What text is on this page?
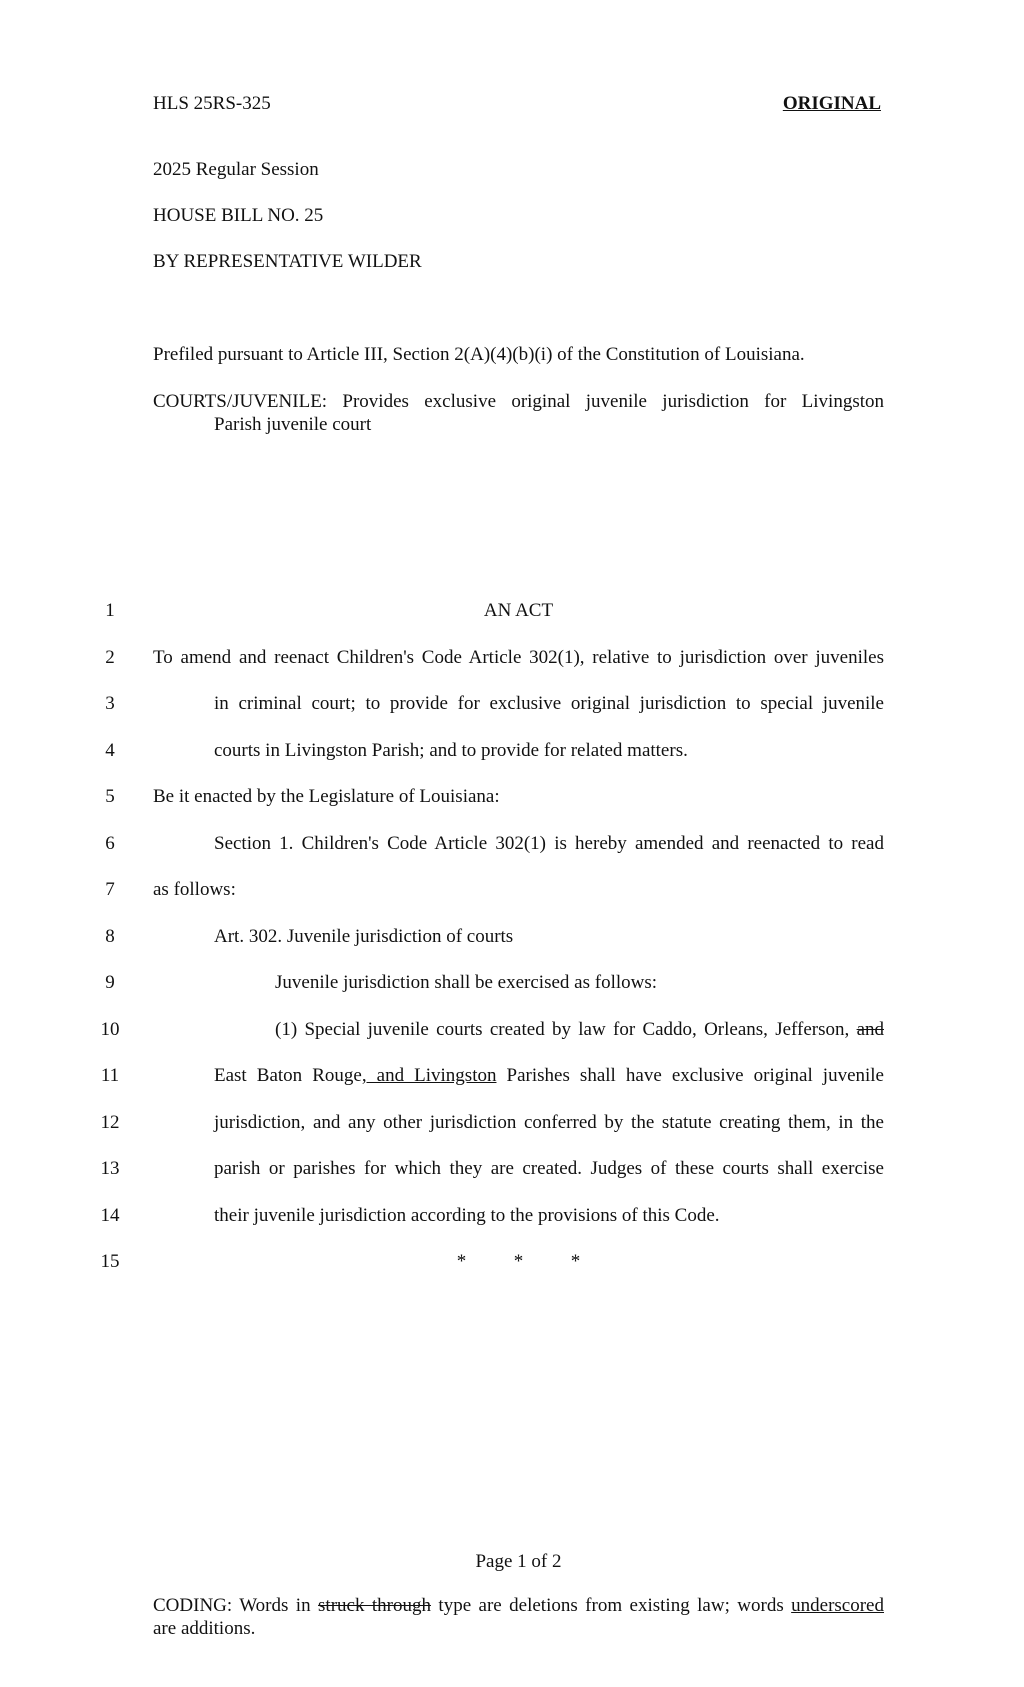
HLS 25RS-325	ORIGINAL
2025 Regular Session
HOUSE BILL NO. 25
BY REPRESENTATIVE WILDER
Prefiled pursuant to Article III, Section 2(A)(4)(b)(i) of the Constitution of Louisiana.
COURTS/JUVENILE: Provides exclusive original juvenile jurisdiction for Livingston
Parish juvenile court
1
2
3
4
5
6
7
8
9
10
11
12
13
14
15
AN ACT
To amend and reenact Children's Code Article 302(1), relative to jurisdiction over juveniles
in criminal court; to provide for exclusive original jurisdiction to special juvenile
courts in Livingston Parish; and to provide for related matters.
Be it enacted by the Legislature of Louisiana:
Section 1. Children's Code Article 302(1) is hereby amended and reenacted to read
as follows:
Art. 302. Juvenile jurisdiction of courts
Juvenile jurisdiction shall be exercised as follows:
(1) Special juvenile courts created by law for Caddo, Orleans, Jefferson, and
East Baton Rouge, and Livingston Parishes shall have exclusive original juvenile
jurisdiction, and any other jurisdiction conferred by the statute creating them, in the
parish or parishes for which they are created. Judges of these courts shall exercise
their juvenile jurisdiction according to the provisions of this Code.
*          *          *
Page 1 of 2
CODING: Words in struck through type are deletions from existing law; words underscored
are additions.
